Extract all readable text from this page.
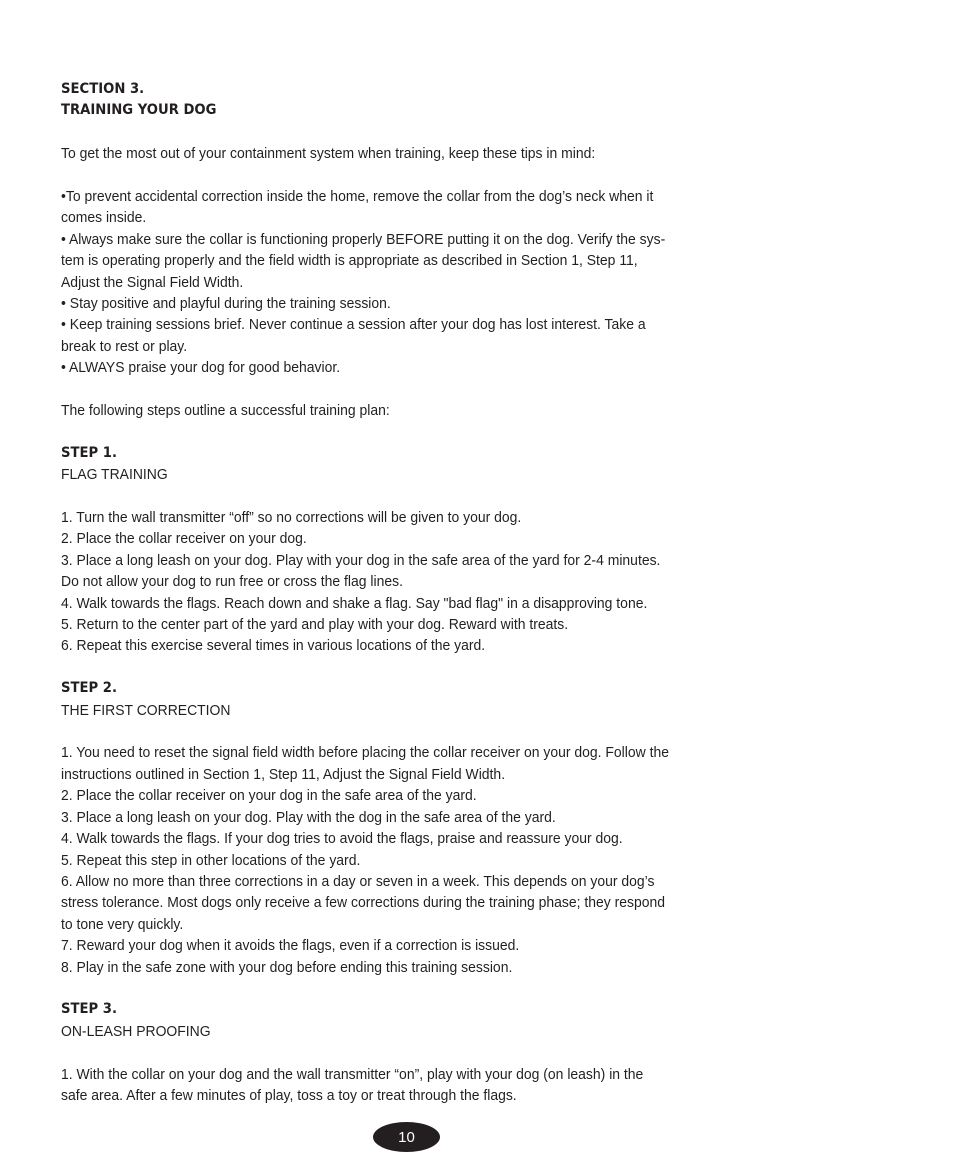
SECTION 3.
TRAINING YOUR DOG
To get the most out of your containment system when training, keep these tips in mind:
•To prevent accidental correction inside the home, remove the collar from the dog’s neck when it
comes inside.
• Always make sure the collar is functioning properly BEFORE putting it on the dog. Verify the sys-
tem is operating properly and the field width is appropriate as described in Section 1, Step 11,
Adjust the Signal Field Width.
• Stay positive and playful during the training session.
• Keep training sessions brief. Never continue a session after your dog has lost interest. Take a
break to rest or play.
• ALWAYS praise your dog for good behavior.
The following steps outline a successful training plan:
STEP 1.
FLAG TRAINING
1. Turn the wall transmitter “off” so no corrections will be given to your dog.
2. Place the collar receiver on your dog.
3. Place a long leash on your dog. Play with your dog in the safe area of the yard for 2-4 minutes.
Do not allow your dog to run free or cross the flag lines.
4. Walk towards the flags. Reach down and shake a flag. Say "bad flag" in a disapproving tone.
5. Return to the center part of the yard and play with your dog. Reward with treats.
6. Repeat this exercise several times in various locations of the yard.
STEP 2.
THE FIRST CORRECTION
1. You need to reset the signal field width before placing the collar receiver on your dog. Follow the
instructions outlined in Section 1, Step 11, Adjust the Signal Field Width.
2. Place the collar receiver on your dog in the safe area of the yard.
3. Place a long leash on your dog. Play with the dog in the safe area of the yard.
4. Walk towards the flags. If your dog tries to avoid the flags, praise and reassure your dog.
5. Repeat this step in other locations of the yard.
6. Allow no more than three corrections in a day or seven in a week. This depends on your dog’s
stress tolerance. Most dogs only receive a few corrections during the training phase; they respond
to tone very quickly.
7. Reward your dog when it avoids the flags, even if a correction is issued.
8. Play in the safe zone with your dog before ending this training session.
STEP 3.
ON-LEASH PROOFING
1. With the collar on your dog and the wall transmitter “on”, play with your dog (on leash) in the
safe area. After a few minutes of play, toss a toy or treat through the flags.
10
